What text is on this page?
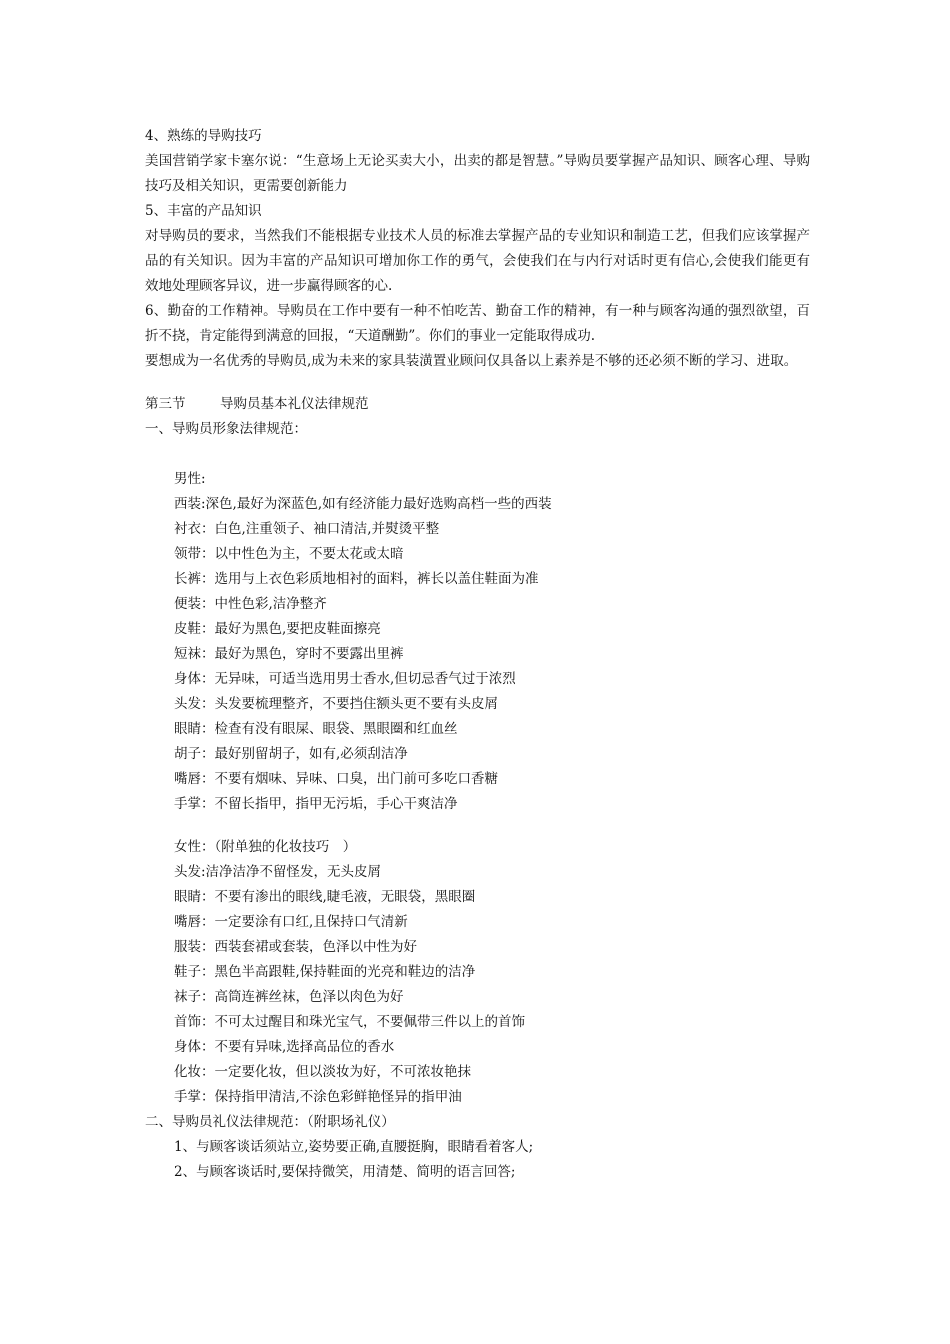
4、熟练的导购技巧
美国营销学家卡塞尔说：“生意场上无论买卖大小，出卖的都是智慧。”导购员要掌握产品知识、顾客心理、导购技巧及相关知识，更需要创新能力
5、丰富的产品知识
对导购员的要求，当然我们不能根据专业技术人员的标准去掌握产品的专业知识和制造工艺，但我们应该掌握产品的有关知识。因为丰富的产品知识可增加你工作的勇气，会使我们在与内行对话时更有信心,会使我们能更有效地处理顾客异议，进一步赢得顾客的心.
6、勤奋的工作精神。导购员在工作中要有一种不怕吃苦、勤奋工作的精神，有一种与顾客沟通的强烈欲望，百折不挠，肯定能得到满意的回报，“天道酬勤”。你们的事业一定能取得成功.
要想成为一名优秀的导购员,成为未来的家具装潢置业顾问仅具备以上素养是不够的还必须不断的学习、进取。
第三节	导购员基本礼仪法律规范
一、导购员形象法律规范：
男性:
西装:深色,最好为深蓝色,如有经济能力最好选购高档一些的西装
衬衣：白色,注重领子、袖口清洁,并熨烫平整
领带：以中性色为主，不要太花或太暗
长裤：选用与上衣色彩质地相衬的面料，裤长以盖住鞋面为准
便装：中性色彩,洁净整齐
皮鞋：最好为黑色,要把皮鞋面擦亮
短袜：最好为黑色，穿时不要露出里裤
身体：无异味，可适当选用男士香水,但切忌香气过于浓烈
头发：头发要梳理整齐，不要挡住额头更不要有头皮屑
眼睛：检查有没有眼屎、眼袋、黑眼圈和红血丝
胡子：最好别留胡子，如有,必须刮洁净
嘴唇：不要有烟味、异味、口臭，出门前可多吃口香糖
手掌：不留长指甲，指甲无污垢，手心干爽洁净
女性：（附单独的化妆技巧　）
头发:洁净洁净不留怪发，无头皮屑
眼睛：不要有渗出的眼线,睫毛液，无眼袋，黑眼圈
嘴唇：一定要涂有口红,且保持口气清新
服装：西装套裙或套装，色泽以中性为好
鞋子：黑色半高跟鞋,保持鞋面的光亮和鞋边的洁净
袜子：高筒连裤丝袜，色泽以肉色为好
首饰：不可太过醒目和珠光宝气，不要佩带三件以上的首饰
身体：不要有异味,选择高品位的香水
化妆：一定要化妆，但以淡妆为好，不可浓妆艳抹
手掌：保持指甲清洁,不涂色彩鲜艳怪异的指甲油
二、导购员礼仪法律规范：（附职场礼仪）
1、与顾客谈话须站立,姿势要正确,直腰挺胸，眼睛看着客人;
2、与顾客谈话时,要保持微笑，用清楚、简明的语言回答;
